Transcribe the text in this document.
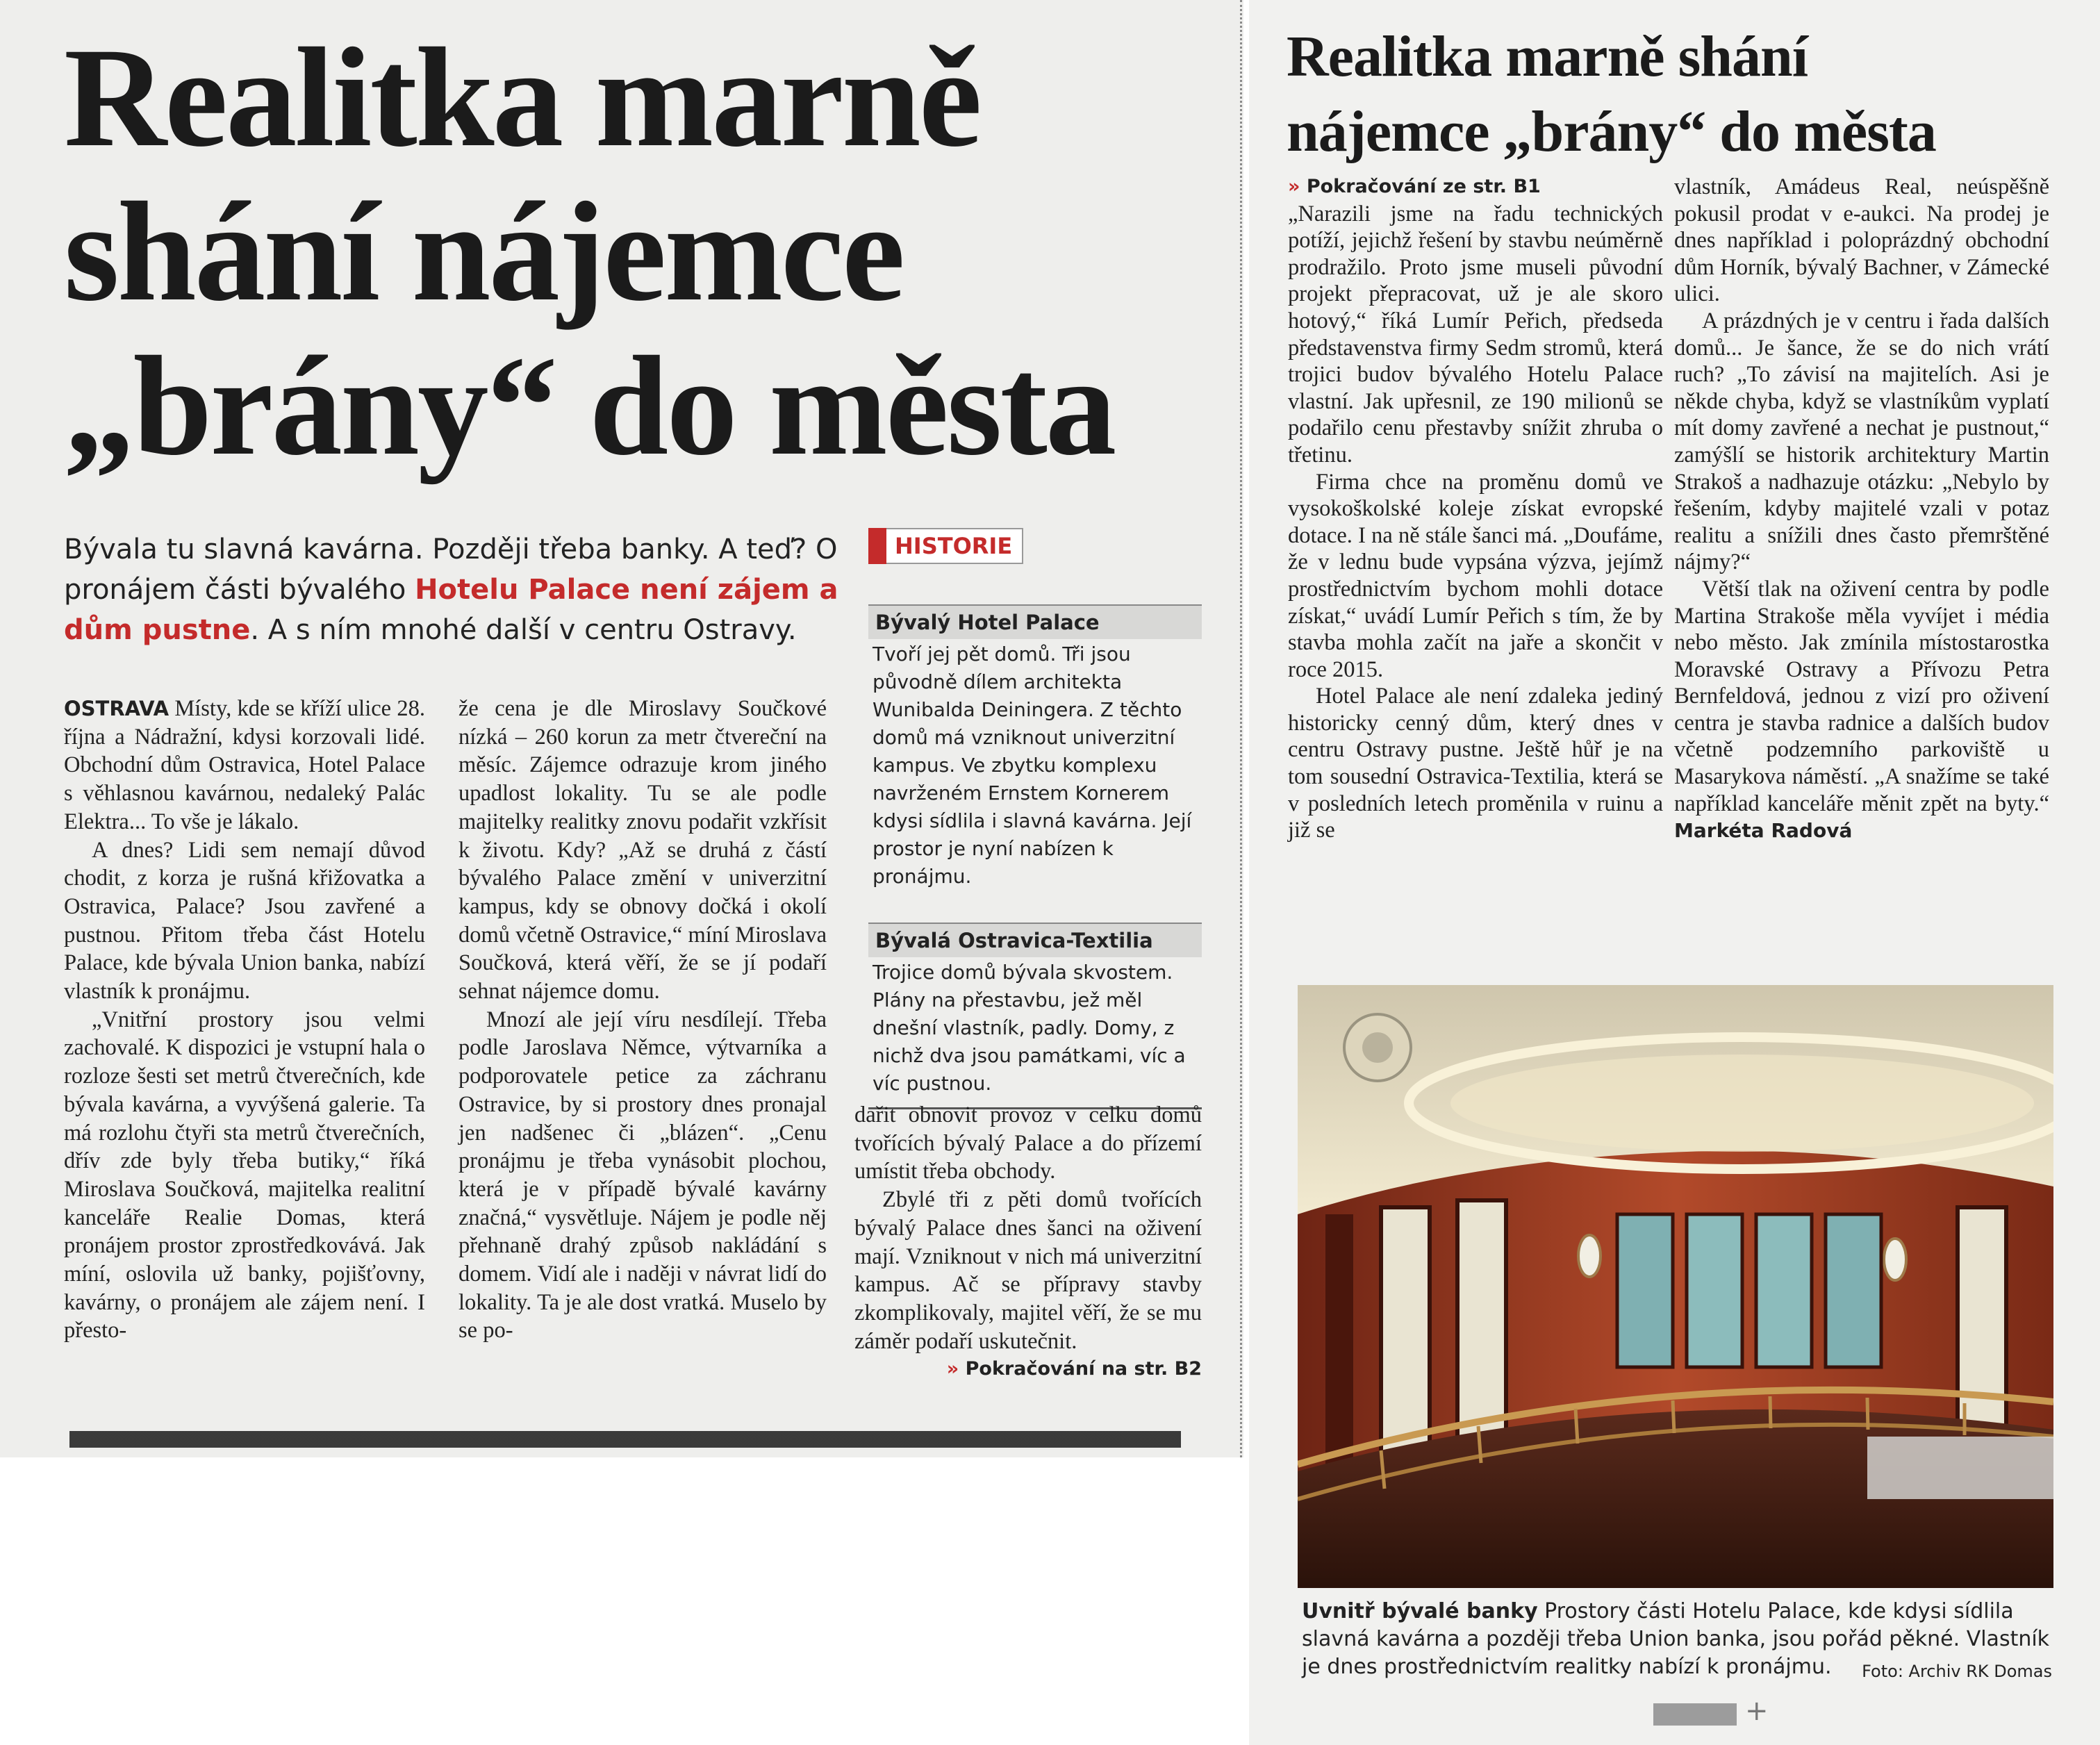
Realitka marně
shání nájemce
„brány“ do města
Bývala tu slavná kavárna. Později třeba banky. A teď? O pronájem části bývalého Hotelu Palace není zájem a dům pustne. A s ním mnohé další v centru Ostravy.

OSTRAVA Místy, kde se kříží ulice 28. října a Nádražní, kdysi korzovali lidé. Obchodní dům Ostravica, Hotel Palace s věhlasnou kavárnou, nedaleký Palác Elektra... To vše je lákalo.

A dnes? Lidi sem nemají důvod chodit, z korza je rušná křižovatka a Ostravica, Palace? Jsou zavřené a pustnou. Přitom třeba část Hotelu Palace, kde bývala Union banka, nabízí vlastník k pronájmu.

„Vnitřní prostory jsou velmi zachovalé. K dispozici je vstupní hala o rozloze šesti set metrů čtverečních, kde bývala kavárna, a vyvýšená galerie. Ta má rozlohu čtyři sta metrů čtverečních, dřív zde byly třeba butiky,“ říká Miroslava Součková, majitelka realitní kanceláře Realie Domas, která pronájem prostor zprostředkovává. Jak míní, oslovila už banky, pojišťovny, kavárny, o pronájem ale zájem není. I přesto-

že cena je dle Miroslavy Součkové nízká – 260 korun za metr čtvereční na měsíc. Zájemce odrazuje krom jiného upadlost lokality. Tu se ale podle majitelky realitky znovu podařit vzkřísit k životu. Kdy? „Až se druhá z částí bývalého Palace změní v univerzitní kampus, kdy se obnovy dočká i okolí domů včetně Ostravice,“ míní Miroslava Součková, která věří, že se jí podaří sehnat nájemce domu.

Mnozí ale její víru nesdílejí. Třeba podle Jaroslava Němce, výtvarníka a podporovatele petice za záchranu Ostravice, by si prostory dnes pronajal jen nadšenec či „blázen“. „Cenu pronájmu je třeba vynásobit plochou, která je v případě bývalé kavárny značná,“ vysvětluje. Nájem je podle něj přehnaně drahý způsob nakládání s domem. Vidí ale i naději v návrat lidí do lokality. Ta je ale dost vratká. Muselo by se po-

HISTORIE
Bývalý Hotel Palace
Tvoří jej pět domů. Tři jsou původně dílem architekta Wunibalda Deiningera. Z těchto domů má vzniknout univerzitní kampus. Ve zbytku komplexu navrženém Ernstem Kornerem kdysi sídlila i slavná kavárna. Její prostor je nyní nabízen k pronájmu.
Bývalá Ostravica-Textilia
Trojice domů bývala skvostem. Plány na přestavbu, jež měl dnešní vlastník, padly. Domy, z nichž dva jsou památkami, víc a víc pustnou.

dařit obnovit provoz v celku domů tvořících bývalý Palace a do přízemí umístit třeba obchody.

Zbylé tři z pěti domů tvořících bývalý Palace dnes šanci na oživení mají. Vzniknout v nich má univerzitní kampus. Ač se přípravy stavby zkomplikovaly, majitel věří, že se mu záměr podaří uskutečnit.

» Pokračování na str. B2
Realitka marně shání
nájemce „brány“ do města
» Pokračování ze str. B1

„Narazili jsme na řadu technických potíží, jejichž řešení by stavbu neúměrně prodražilo. Proto jsme museli původní projekt přepracovat, už je ale skoro hotový,“ říká Lumír Peřich, předseda představenstva firmy Sedm stromů, která trojici budov bývalého Hotelu Palace vlastní. Jak upřesnil, ze 190 milionů se podařilo cenu přestavby snížit zhruba o třetinu.

Firma chce na proměnu domů ve vysokoškolské koleje získat evropské dotace. I na ně stále šanci má. „Doufáme, že v lednu bude vypsána výzva, jejímž prostřednictvím bychom mohli dotace získat,“ uvádí Lumír Peřich s tím, že by stavba mohla začít na jaře a skončit v roce 2015.

Hotel Palace ale není zdaleka jediný historicky cenný dům, který dnes v centru Ostravy pustne. Ještě hůř je na tom sousední Ostravica-Textilia, která se v posledních letech proměnila v ruinu a již se

vlastník, Amádeus Real, neúspěšně pokusil prodat v e-aukci. Na prodej je dnes například i poloprázdný obchodní dům Horník, bývalý Bachner, v Zámecké ulici.

A prázdných je v centru i řada dalších domů... Je šance, že se do nich vrátí ruch? „To závisí na majitelích. Asi je někde chyba, když se vlastníkům vyplatí mít domy zavřené a nechat je pustnout,“ zamýšlí se historik architektury Martin Strakoš a nadhazuje otázku: „Nebylo by řešením, kdyby majitelé vzali v potaz realitu a snížili dnes často přemrštěné nájmy?“

Větší tlak na oživení centra by podle Martina Strakoše měla vyvíjet i média nebo město. Jak zmínila místostarostka Moravské Ostravy a Přívozu Petra Bernfeldová, jednou z vizí pro oživení centra je stavba radnice a dalších budov včetně podzemního parkoviště u Masarykova náměstí. „A snažíme se také například kanceláře měnit zpět na byty.“ Markéta Radová

Uvnitř bývalé banky Prostory části Hotelu Palace, kde kdysi sídlila slavná kavárna a později třeba Union banka, jsou pořád pěkné. Vlastník je dnes prostřednictvím realitky nabízí k pronájmu. Foto: Archiv RK Domas
+
